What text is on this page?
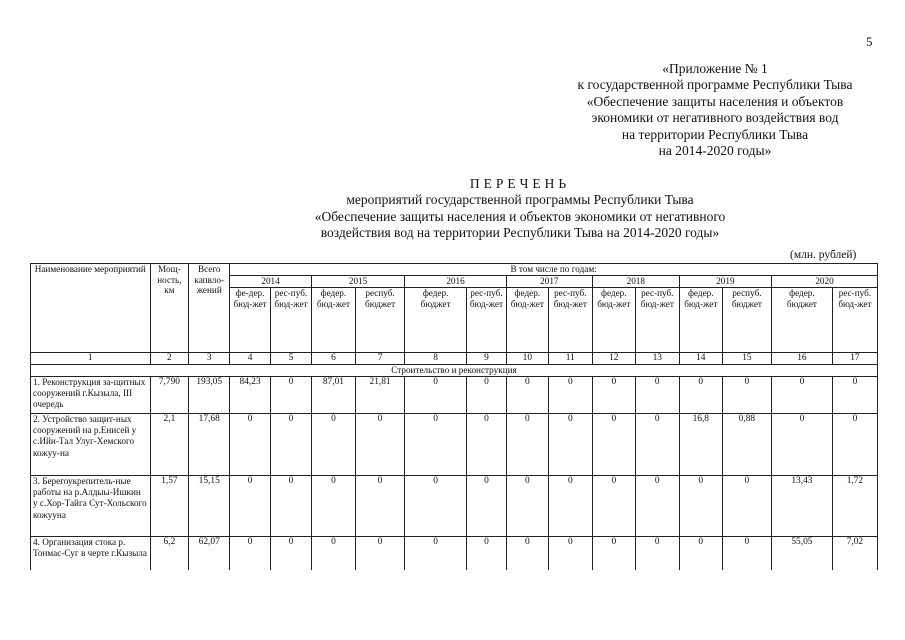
5
«Приложение № 1
к государственной программе Республики Тыва
«Обеспечение защиты населения и объектов
экономики от негативного воздействия вод
на территории Республики Тыва
на 2014-2020 годы»
ПЕРЕЧЕНЬ
мероприятий государственной программы Республики Тыва
«Обеспечение защиты населения и объектов экономики от негативного
воздействия вод на территории Республики Тыва на 2014-2020 годы»
(млн. рублей)
Наименование мероприятий	Мощ-ность, км	Всего капвло-жений	В том числе по годам:													
			2014		2015		2016		2017		2018		2019		2020	
			фе-дер. бюд-жет	рес-пуб. бюд-жет	федер. бюд-жет	респуб. бюджет	федер. бюджет	рес-пуб. бюд-жет	федер. бюд-жет	рес-пуб. бюд-жет	федер. бюд-жет	рес-пуб. бюд-жет	федер. бюд-жет	респуб. бюджет	федер. бюджет	рес-пуб. бюд-жет
1	2	3	4	5	6	7	8	9	10	11	12	13	14	15	16	17
Строительство и реконструкция																
1. Реконструкция за-щитных сооружений г.Кызыла, III очередь	7,790	193,05	84,23	0	87,01	21,81	0	0	0	0	0	0	0	0	0	0
2. Устройство защит-ных сооружений на р.Енисей у с.Ийи-Тал Улуг-Хемского кожуу-на	2,1	17,68	0	0	0	0	0	0	0	0	0	0	16,8	0,88	0	0
3. Берегоукрепитель-ные работы на р.Алдыы-Ишкин у с.Хор-Тайга Сут-Хольского кожууна	1,57	15,15	0	0	0	0	0	0	0	0	0	0	0	0	13,43	1,72
4. Организация стока р. Тонмас-Суг в черте г.Кызыла	6,2	62,07	0	0	0	0	0	0	0	0	0	0	0	0	55,05	7,02
